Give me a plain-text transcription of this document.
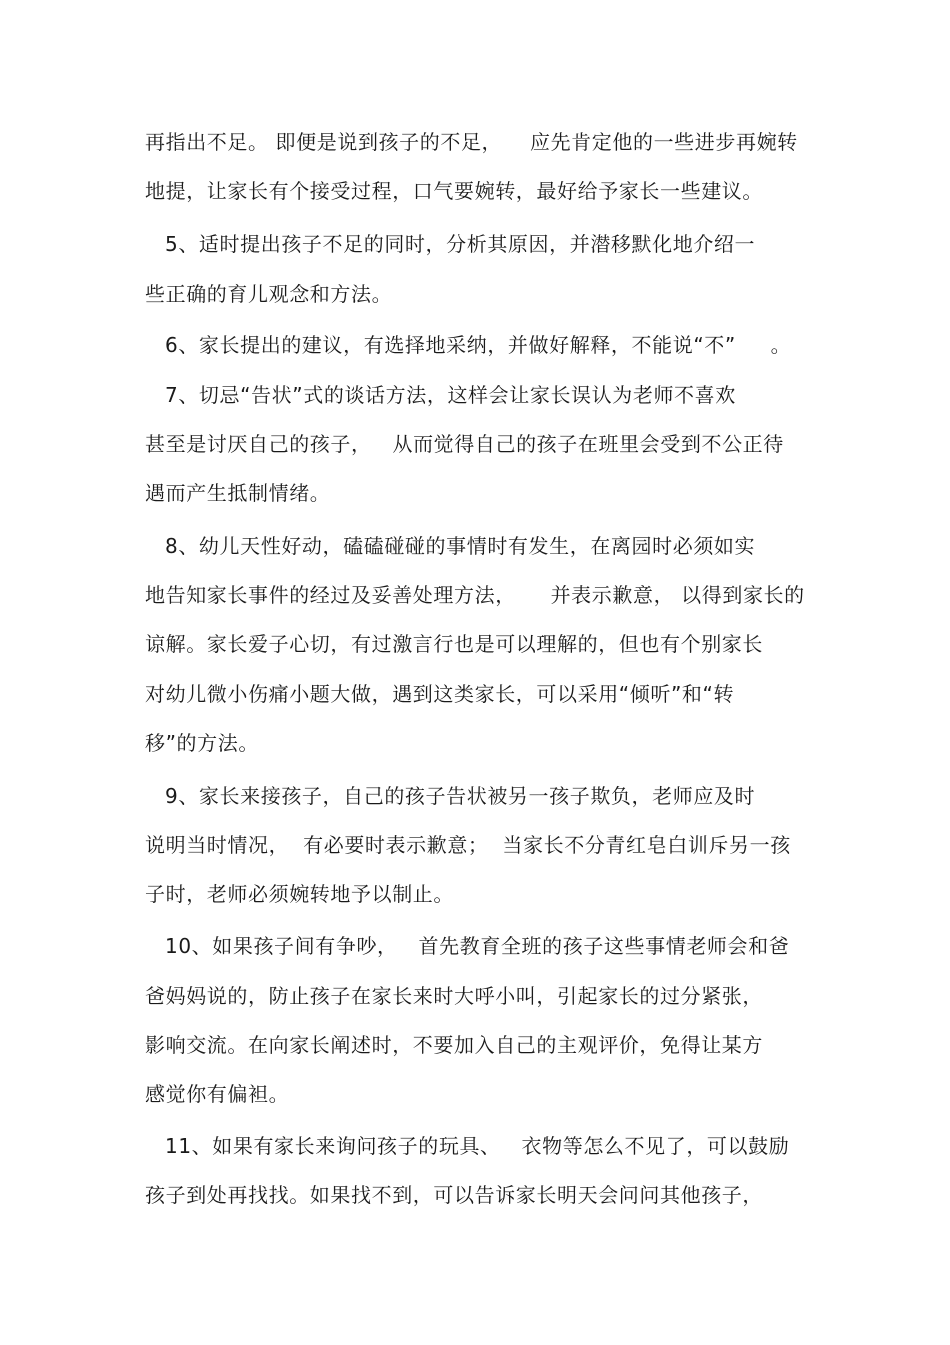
再指出不足。 即便是说到孩子的不足，    应先肯定他的一些进步再婉转
地提，让家长有个接受过程，口气要婉转，最好给予家长一些建议。
5、适时提出孩子不足的同时，分析其原因，并潜移默化地介绍一
些正确的育儿观念和方法。
6、家长提出的建议，有选择地采纳，并做好解释，不能说“不”     。
7、切忌“告状”式的谈话方法，这样会让家长误认为老师不喜欢
甚至是讨厌自己的孩子，   从而觉得自己的孩子在班里会受到不公正待
遇而产生抵制情绪。
8、幼儿天性好动，磕磕碰碰的事情时有发生，在离园时必须如实
地告知家长事件的经过及妥善处理方法，     并表示歉意， 以得到家长的
谅解。家长爱子心切，有过激言行也是可以理解的，但也有个别家长
对幼儿微小伤痛小题大做，遇到这类家长，可以采用“倾听”和“转
移”的方法。
9、家长来接孩子，自己的孩子告状被另一孩子欺负，老师应及时
说明当时情况，  有必要时表示歉意；  当家长不分青红皂白训斥另一孩
子时，老师必须婉转地予以制止。
10、如果孩子间有争吵，   首先教育全班的孩子这些事情老师会和爸
爸妈妈说的，防止孩子在家长来时大呼小叫，引起家长的过分紧张，
影响交流。在向家长阐述时，不要加入自己的主观评价，免得让某方
感觉你有偏袒。
11、如果有家长来询问孩子的玩具、   衣物等怎么不见了，可以鼓励
孩子到处再找找。如果找不到，可以告诉家长明天会问问其他孩子，
